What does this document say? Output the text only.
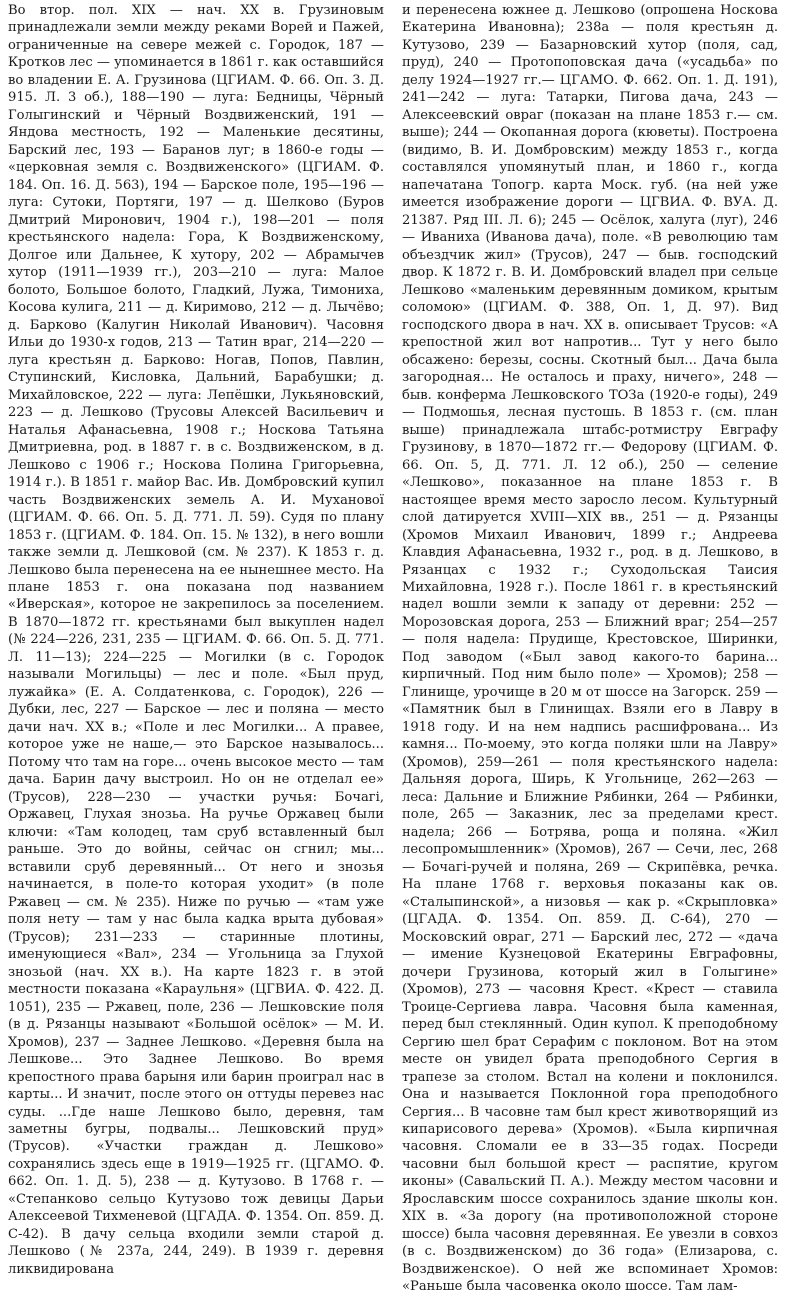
Во втор. пол. XIX — нач. XX в. Грузиновым принадлежали земли между реками Ворей и Пажей, ограниченные на севере межей с. Городок, 187 — Кротков лес — упоминается в 1861 г. как оставшийся во владении Е. А. Грузинова (ЦГИАМ. Ф. 66. Оп. 3. Д. 915. Л. 3 об.), 188—190 — луга: Бедницы, Чёрный Голыгинский и Чёрный Воздвиженский, 191 — Яндова местность, 192 — Маленькие десятины, Барский лес, 193 — Баранов луг; в 1860-е годы — «церковная земля с. Воздвиженского» (ЦГИАМ. Ф. 184. Оп. 16. Д. 563), 194 — Барское поле, 195—196 — луга: Сутоки, Портяги, 197 — д. Шелково (Буров Дмитрий Миронович, 1904 г.), 198—201 — поля крестьянского надела: Гора, К Воздвиженскому, Долгое или Дальнее, К хутору, 202 — Абрамычев хутор (1911—1939 гг.), 203—210 — луга: Малое болото, Большое болото, Гладкий, Лужа, Тимониха, Косова кулига, 211 — д. Киримово, 212 — д. Лычёво; д. Барково (Калугин Николай Иванович). Часовня Ильи до 1930-х годов, 213 — Татин враг, 214—220 — луга крестьян д. Барково: Ногав, Попов, Павлин, Ступинский, Кисловка, Дальний, Барабушки; д. Михайловское, 222 — луга: Лепёшки, Лукьяновский, 223 — д. Лешково (Трусовы Алексей Васильевич и Наталья Афанасьевна, 1908 г.; Носкова Татьяна Дмитриевна, род. в 1887 г. в с. Воздвиженском, в д. Лешково с 1906 г.; Носкова Полина Григорьевна, 1914 г.). В 1851 г. майор Вас. Ив. Домбровский купил часть Воздвиженских земель А. И. Муханової (ЦГИАМ. Ф. 66. Оп. 5. Д. 771. Л. 59). Судя по плану 1853 г. (ЦГИАМ. Ф. 184. Оп. 15. № 132), в него вошли также земли д. Лешковой (см. № 237). К 1853 г. д. Лешково была перенесена на ее нынешнее место. На плане 1853 г. она показана под названием «Иверская», которое не закрепилось за поселением. В 1870—1872 гг. крестьянами был выкуплен надел (№ 224—226, 231, 235 — ЦГИАМ. Ф. 66. Оп. 5. Д. 771. Л. 11—13); 224—225 — Могилки (в с. Городок называли Могильцы) — лес и поле. «Был пруд, лужайка» (Е. А. Солдатенкова, с. Городок), 226 — Дубки, лес, 227 — Барское — лес и поляна — место дачи нач. XX в.; «Поле и лес Могилки... А правее, которое уже не наше,— это Барское называлось... Потому что там на горе... очень высокое место — там дача. Барин дачу выстроил. Но он не отделал ее» (Трусов), 228—230 — участки ручья: Бочагі, Оржавец, Глухая знозьа. На ручье Оржавец были ключи: «Там колодец, там сруб вставленный был раньше. Это до войны, сейчас он сгнил; мы... вставили сруб деревянный... От него и знозья начинается, в поле-то которая уходит» (в поле Ржавец — см. № 235). Ниже по ручью — «там уже поля нету — там у нас была кадка врыта дубовая» (Трусов); 231—233 — старинные плотины, именующиеся «Вал», 234 — Угольница за Глухой знозьой (нач. XX в.). На карте 1823 г. в этой местности показана «Караульня» (ЦГВИА. Ф. 422. Д. 1051), 235 — Ржавец, поле, 236 — Лешковские поля (в д. Рязанцы называют «Большой осёлок» — М. И. Хромов), 237 — Заднее Лешково. «Деревня была на Лешкове... Это Заднее Лешково. Во время крепостного права барыня или барин проиграл нас в карты... И значит, после этого он оттуды перевез нас суды. ...Где наше Лешково было, деревня, там заметны бугры, подвалы... Лешковский пруд» (Трусов). «Участки граждан д. Лешково» сохранялись здесь еще в 1919—1925 гг. (ЦГАМО. Ф. 662. Оп. 1. Д. 5), 238 — д. Кутузово. В 1768 г. — «Степанково сельцо Кутузово тож девицы Дарьи Алексеевой Тихменевой (ЦГАДА. Ф. 1354. Оп. 859. Д. С-42). В дачу сельца входили земли старой д. Лешково (№ 237а, 244, 249). В 1939 г. деревня ликвидирована

и перенесена южнее д. Лешково (опрошена Носкова Екатерина Ивановна); 238а — поля крестьян д. Кутузово, 239 — Базарновский хутор (поля, сад, пруд), 240 — Протопоповская дача («усадьба» по делу 1924—1927 гг.— ЦГАМО. Ф. 662. Оп. 1. Д. 191), 241—242 — луга: Татарки, Пигова дача, 243 — Алексеевский овраг (показан на плане 1853 г.— см. выше); 244 — Окопанная дорога (кюветы). Построена (видимо, В. И. Домбровским) между 1853 г., когда составлялся упомянутый план, и 1860 г., когда напечатана Топогр. карта Моск. губ. (на ней уже имеется изображение дороги — ЦГВИА. Ф. ВУА. Д. 21387. Ряд III. Л. 6); 245 — Осёлок, халуга (луг), 246 — Иваниха (Иванова дача), поле. «В революцию там объездчик жил» (Трусов), 247 — быв. господский двор. К 1872 г. В. И. Домбровский владел при сельце Лешково «маленьким деревянным домиком, крытым соломою» (ЦГИАМ. Ф. 388, Оп. 1, Д. 97). Вид господского двора в нач. XX в. описывает Трусов: «А крепостной жил вот напротив... Тут у него было обсажено: березы, сосны. Скотный был... Дача была загородная... Не осталось и праху, ничего», 248 — быв. конферма Лешковского ТОЗа (1920-е годы), 249 — Подмошья, лесная пустошь. В 1853 г. (см. план выше) принадлежала штабс-ротмистру Евграфу Грузинову, в 1870—1872 гг.— Федорову (ЦГИАМ. Ф. 66. Оп. 5, Д. 771. Л. 12 об.), 250 — селение «Лешково», показанное на плане 1853 г. В настоящее время место заросло лесом. Культурный слой датируется XVIII—XIX вв., 251 — д. Рязанцы (Хромов Михаил Иванович, 1899 г.; Андреева Клавдия Афанасьевна, 1932 г., род. в д. Лешково, в Рязанцах с 1932 г.; Суходольская Таисия Михайловна, 1928 г.). После 1861 г. в крестьянский надел вошли земли к западу от деревни: 252 — Морозовская дорога, 253 — Ближний враг; 254—257 — поля надела: Прудище, Крестовское, Ширинки, Под заводом («Был завод какого-то барина... кирпичный. Под ним было поле» — Хромов); 258 — Глинище, урочище в 20 м от шоссе на Загорск. 259 — «Памятник был в Глинищах. Взяли его в Лавру в 1918 году. И на нем надпись расшифрована... Из камня... По-моему, это когда поляки шли на Лавру» (Хромов), 259—261 — поля крестьянского надела: Дальняя дорога, Ширь, К Угольнице, 262—263 — леса: Дальние и Ближние Рябинки, 264 — Рябинки, поле, 265 — Заказник, лес за пределами крест. надела; 266 — Ботрява, роща и поляна. «Жил лесопромышленник» (Хромов), 267 — Сечи, лес, 268 — Бочагі-ручей и поляна, 269 — Скрипёвка, речка. На плане 1768 г. верховья показаны как ов. «Сталыпинской», а низовья — как р. «Скрыпловка» (ЦГАДА. Ф. 1354. Оп. 859. Д. С-64), 270 — Московский овраг, 271 — Барский лес, 272 — «дача — имение Кузнецовой Екатерины Евграфовны, дочери Грузинова, который жил в Голыгине» (Хромов), 273 — часовня Крест. «Крест — ставила Троице-Сергиева лавра. Часовня была каменная, перед был стеклянный. Один купол. К преподобному Сергию шел брат Серафим с поклоном. Вот на этом месте он увидел брата преподобного Сергия в трапезе за столом. Встал на колени и поклонился. Она и называется Поклонной гора преподобного Сергия... В часовне там был крест животворящий из кипарисового дерева» (Хромов). «Была кирпичная часовня. Сломали ее в 33—35 годах. Посреди часовни был большой крест — распятие, кругом иконы» (Савальский П. А.). Между местом часовни и Ярославским шоссе сохранилось здание школы кон. XIX в. «За дорогу (на противоположной стороне шоссе) была часовня деревянная. Ее увезли в совхоз (в с. Воздвиженском) до 36 года» (Елизарова, с. Воздвиженское). О ней же вспоминает Хромов: «Раньше была часовенка около шоссе. Там лам-
